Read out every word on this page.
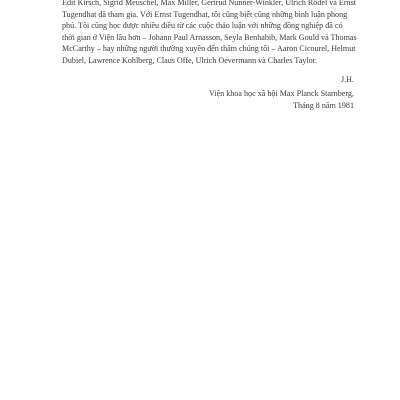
Edit Kirsch, Sigrid Meuschel, Max Miller, Gertrud Nunner-Winkler, Ulrich Rödel và Ernst
Tugendhat đã tham gia. Với Ernst Tugendhat, tôi cũng biết cũng những bình luận phong
phú. Tôi cũng học được nhiều điều từ các cuộc thảo luận với những đồng nghiệp đã có
thời gian ở Viện lâu hơn – Johann Paul Arnasson, Seyla Benhabib, Mark Gould và Thomas
McCarthy – hay những người thường xuyên đến thăm chúng tôi – Aaron Cicourel, Helmut
Dubiel, Lawrence Kohlberg, Claus Offe, Ulrich Oevermann và Charles Taylor.

J.H.
Viện khoa học xã hội Max Planck Starnberg,
Tháng 8 năm 1981
